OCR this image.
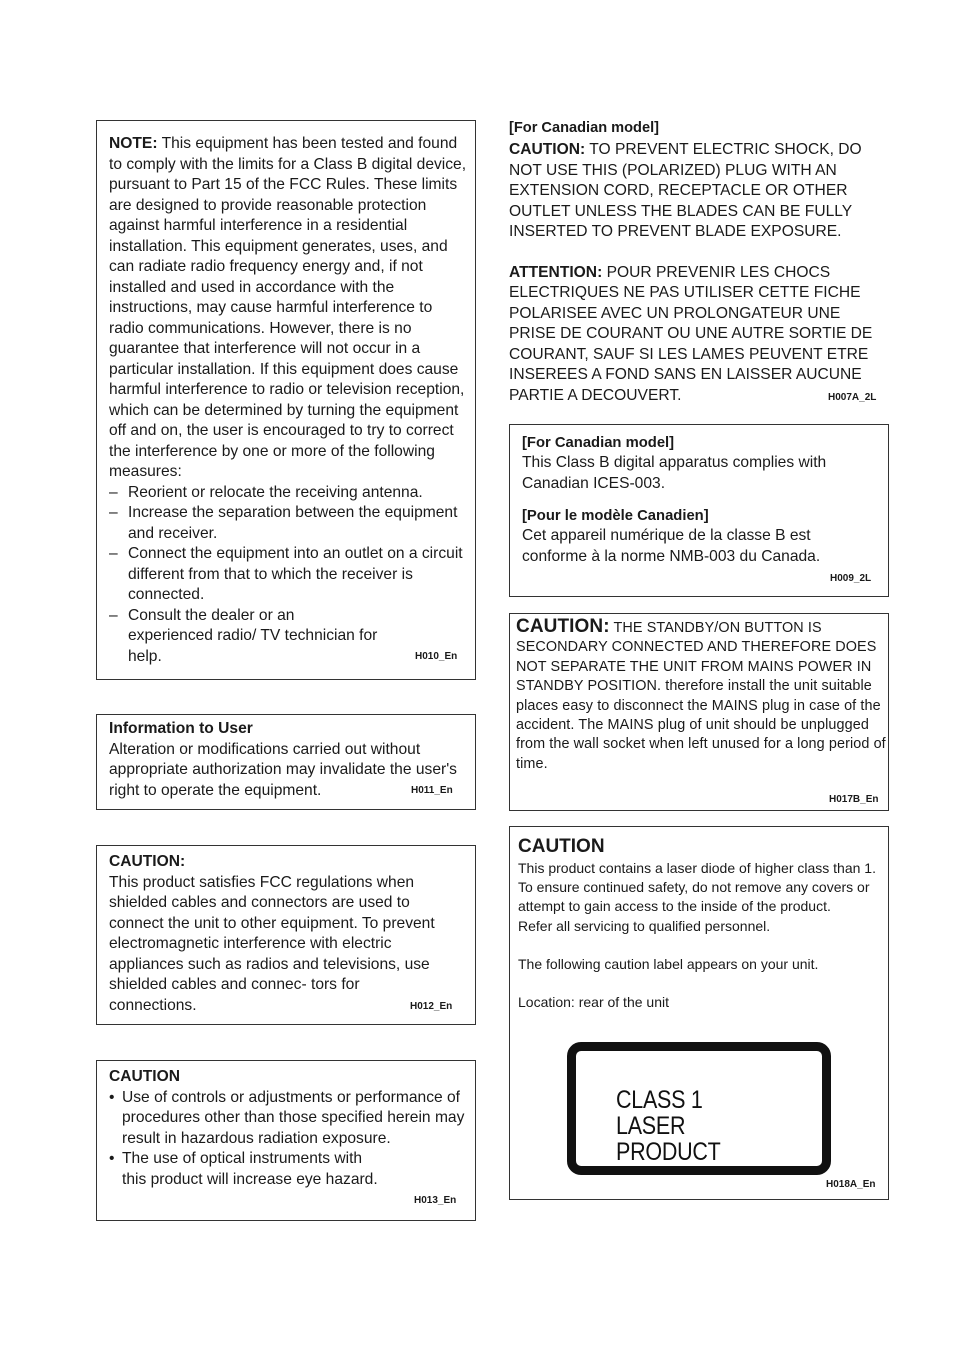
NOTE: This equipment has been tested and found to comply with the limits for a Class B digital device, pursuant to Part 15 of the FCC Rules. These limits are designed to provide reasonable protection against harmful interference in a residential installation. This equipment generates, uses, and can radiate radio frequency energy and, if not installed and used in accordance with the instructions, may cause harmful interference to radio communications. However, there is no guarantee that interference will not occur in a particular installation. If this equipment does cause harmful interference to radio or television reception, which can be determined by turning the equipment off and on, the user is encouraged to try to correct the interference by one or more of the following measures:
– Reorient or relocate the receiving antenna.
– Increase the separation between the equipment and receiver.
– Connect the equipment into an outlet on a circuit different from that to which the receiver is connected.
– Consult the dealer or an experienced radio/ TV technician for help.	H010_En
Information to User
Alteration or modifications carried out without appropriate authorization may invalidate the user's right to operate the equipment.	H011_En
CAUTION:
This product satisfies FCC regulations when shielded cables and connectors are used to connect the unit to other equipment. To prevent electromagnetic interference with electric appliances such as radios and televisions, use shielded cables and connec- tors for connections.	H012_En
CAUTION
• Use of controls or adjustments or performance of procedures other than those specified herein may result in hazardous radiation exposure.
• The use of optical instruments with this product will increase eye hazard.
H013_En
[For Canadian model]
CAUTION: TO PREVENT ELECTRIC SHOCK, DO NOT USE THIS (POLARIZED) PLUG WITH AN EXTENSION CORD, RECEPTACLE OR OTHER OUTLET UNLESS THE BLADES CAN BE FULLY INSERTED TO PREVENT BLADE EXPOSURE.
ATTENTION: POUR PREVENIR LES CHOCS ELECTRIQUES NE PAS UTILISER CETTE FICHE POLARISEE AVEC UN PROLONGATEUR UNE PRISE DE COURANT OU UNE AUTRE SORTIE DE COURANT, SAUF SI LES LAMES PEUVENT ETRE INSEREES A FOND SANS EN LAISSER AUCUNE PARTIE A DECOUVERT.	H007A_2L
[For Canadian model]
This Class B digital apparatus complies with Canadian ICES-003.
[Pour le modèle Canadien]
Cet appareil numérique de la classe B est conforme à la norme NMB-003 du Canada.
H009_2L
CAUTION: THE STANDBY/ON BUTTON IS SECONDARY CONNECTED AND THEREFORE DOES NOT SEPARATE THE UNIT FROM MAINS POWER IN STANDBY POSITION. therefore install the unit suitable places easy to disconnect the MAINS plug in case of the accident. The MAINS plug of unit should be unplugged from the wall socket when left unused for a long period of time.
H017B_En
CAUTION
This product contains a laser diode of higher class than 1. To ensure continued safety, do not remove any covers or attempt to gain access to the inside of the product.
Refer all servicing to qualified personnel.
The following caution label appears on your unit.
Location: rear of the unit
H018A_En
CLASS 1
LASER PRODUCT
